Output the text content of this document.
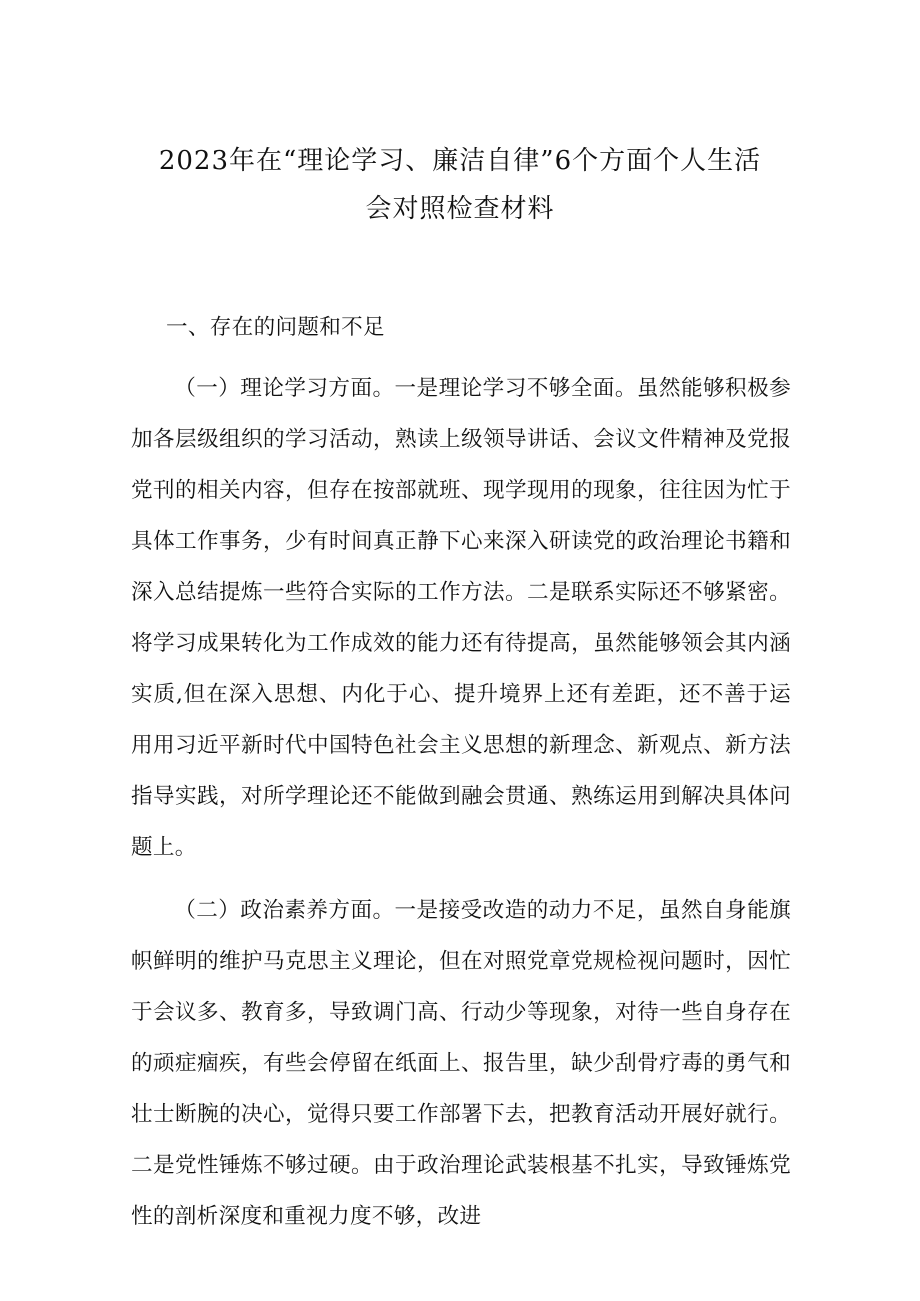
2023年在“理论学习、廉洁自律”6个方面个人生活
会对照检查材料

一、存在的问题和不足

（一）理论学习方面。一是理论学习不够全面。虽然能够积极参加各层级组织的学习活动，熟读上级领导讲话、会议文件精神及党报党刊的相关内容，但存在按部就班、现学现用的现象，往往因为忙于具体工作事务，少有时间真正静下心来深入研读党的政治理论书籍和深入总结提炼一些符合实际的工作方法。二是联系实际还不够紧密。将学习成果转化为工作成效的能力还有待提高，虽然能够领会其内涵实质,但在深入思想、内化于心、提升境界上还有差距，还不善于运用用习近平新时代中国特色社会主义思想的新理念、新观点、新方法指导实践，对所学理论还不能做到融会贯通、熟练运用到解决具体问题上。

（二）政治素养方面。一是接受改造的动力不足，虽然自身能旗帜鲜明的维护马克思主义理论，但在对照党章党规检视问题时，因忙于会议多、教育多，导致调门高、行动少等现象，对待一些自身存在的顽症痼疾，有些会停留在纸面上、报告里，缺少刮骨疗毒的勇气和壮士断腕的决心，觉得只要工作部署下去，把教育活动开展好就行。二是党性锤炼不够过硬。由于政治理论武装根基不扎实，导致锤炼党性的剖析深度和重视力度不够，改进
